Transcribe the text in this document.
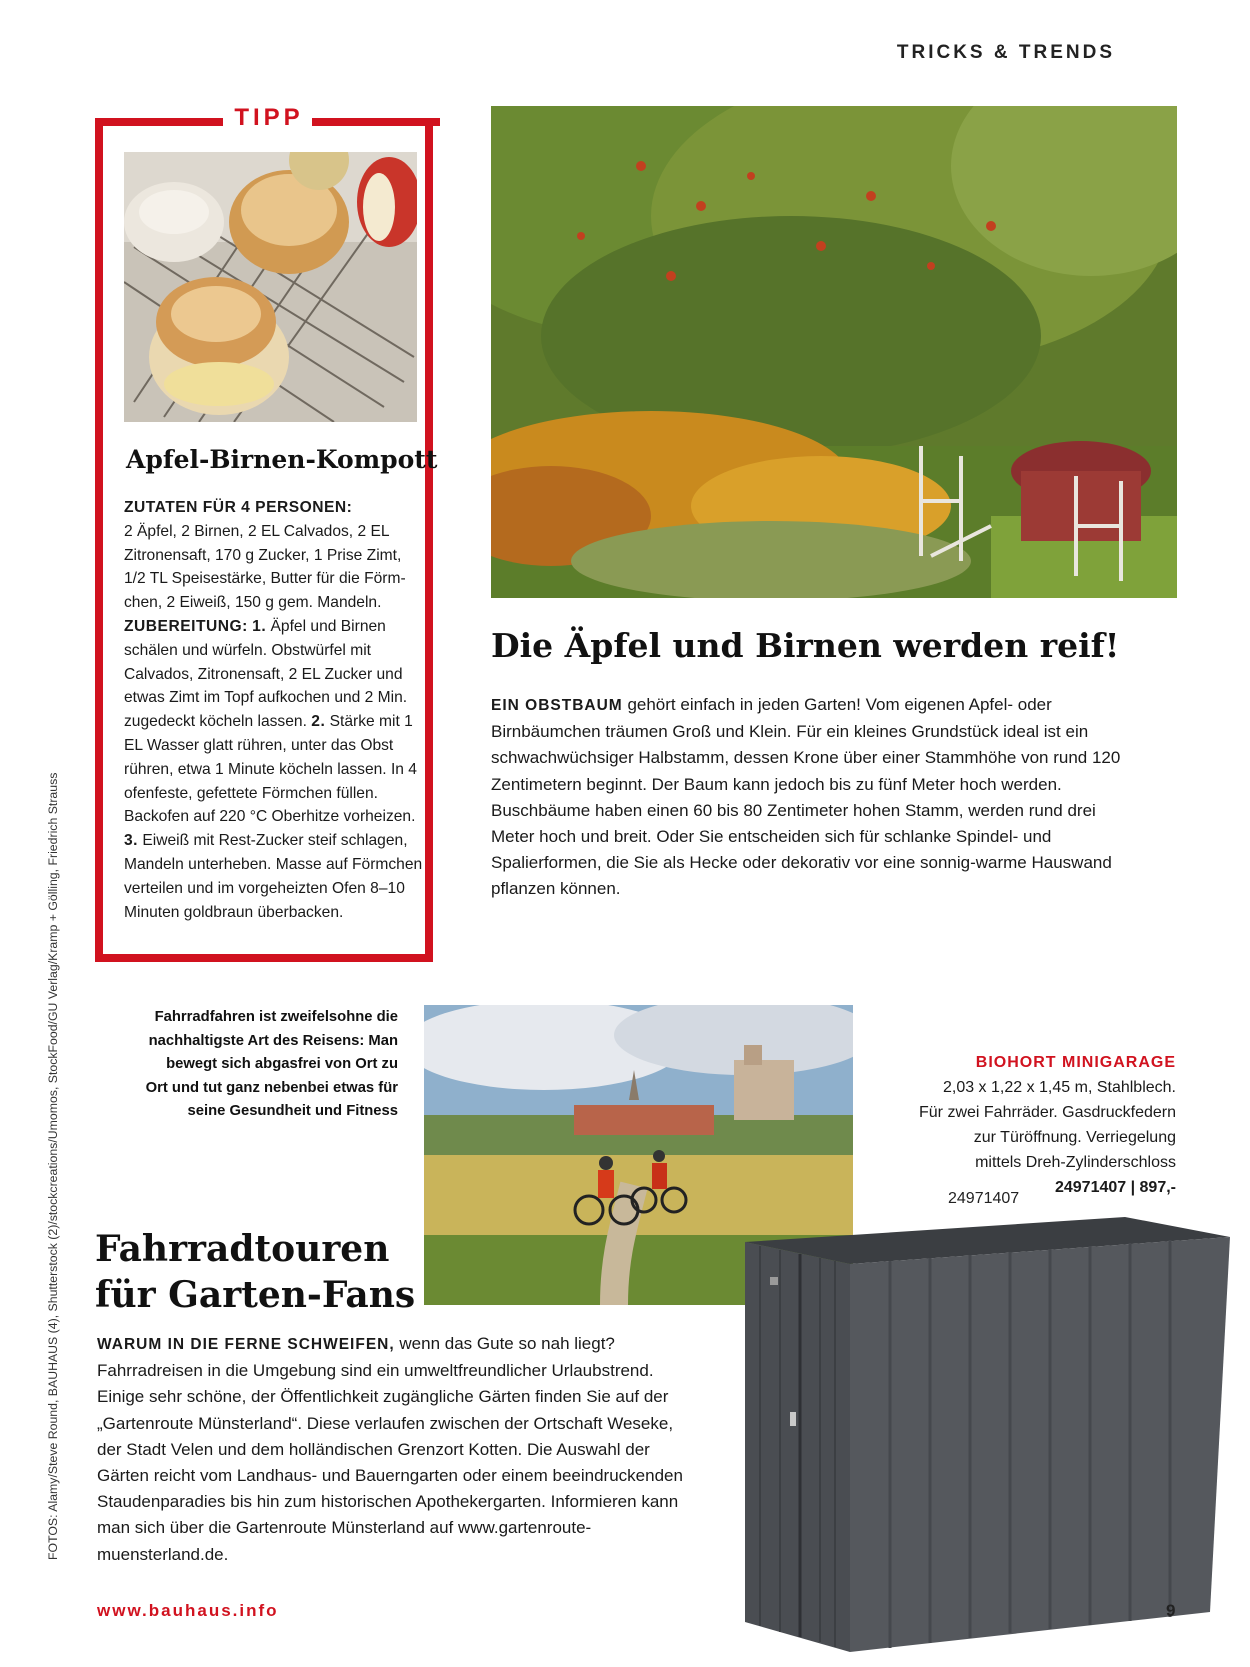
TRICKS & TRENDS
TIPP
Apfel-Birnen-Kompott
ZUTATEN FÜR 4 PERSONEN:
2 Äpfel, 2 Birnen, 2 EL Calvados, 2 EL Zitronensaft, 170 g Zucker, 1 Prise Zimt, 1/2 TL Speisestärke, Butter für die Förmchen, 2 Eiweiß, 150 g gem. Mandeln.
ZUBEREITUNG: 1. Äpfel und Birnen schälen und würfeln. Obstwürfel mit Calvados, Zitronensaft, 2 EL Zucker und etwas Zimt im Topf aufkochen und 2 Min. zugedeckt köcheln lassen. 2. Stärke mit 1 EL Wasser glatt rühren, unter das Obst rühren, etwa 1 Minute köcheln lassen. In 4 ofenfeste, gefettete Förmchen füllen. Backofen auf 220 °C Oberhitze vorheizen.
3. Eiweiß mit Rest-Zucker steif schlagen, Mandeln unterheben. Masse auf Förmchen verteilen und im vorgeheizten Ofen 8–10 Minuten goldbraun überbacken.
Die Äpfel und Birnen werden reif!
EIN OBSTBAUM gehört einfach in jeden Garten! Vom eigenen Apfel- oder Birnbäumchen träumen Groß und Klein. Für ein kleines Grundstück ideal ist ein schwachwüchsiger Halbstamm, dessen Krone über einer Stammhöhe von rund 120 Zentimetern beginnt. Der Baum kann jedoch bis zu fünf Meter hoch werden. Buschbäume haben einen 60 bis 80 Zentimeter hohen Stamm, werden rund drei Meter hoch und breit. Oder Sie entscheiden sich für schlanke Spindel- und Spalierformen, die Sie als Hecke oder dekorativ vor eine sonnig-warme Hauswand pflanzen können.
Fahrradfahren ist zweifelsohne die nachhaltigste Art des Reisens: Man bewegt sich abgasfrei von Ort zu Ort und tut ganz nebenbei etwas für seine Gesundheit und Fitness
Fahrradtouren
für Garten-Fans
WARUM IN DIE FERNE SCHWEIFEN, wenn das Gute so nah liegt? Fahrradreisen in die Umgebung sind ein umweltfreundlicher Urlaubstrend. Einige sehr schöne, der Öffentlichkeit zugängliche Gärten finden Sie auf der „Gartenroute Münsterland“. Diese verlaufen zwischen der Ortschaft Weseke, der Stadt Velen und dem holländischen Grenzort Kotten. Die Auswahl der Gärten reicht vom Landhaus- und Bauerngarten oder einem beeindruckenden Staudenparadies bis hin zum historischen Apothekergarten. Informieren kann man sich über die Gartenroute Münsterland auf www.gartenroute-muensterland.de.
BIOHORT MINIGARAGE
2,03 x 1,22 x 1,45 m, Stahlblech.
Für zwei Fahrräder. Gasdruckfedern
zur Türöffnung. Verriegelung
mittels Dreh-Zylinderschloss
24971407 | 897,-
24971407
FOTOS: Alamy/Steve Round, BAUHAUS (4), Shutterstock (2)/stockcreations/Umomos, StockFood/GU Verlag/Kramp + Gölling, Friedrich Strauss
www.bauhaus.info	9
